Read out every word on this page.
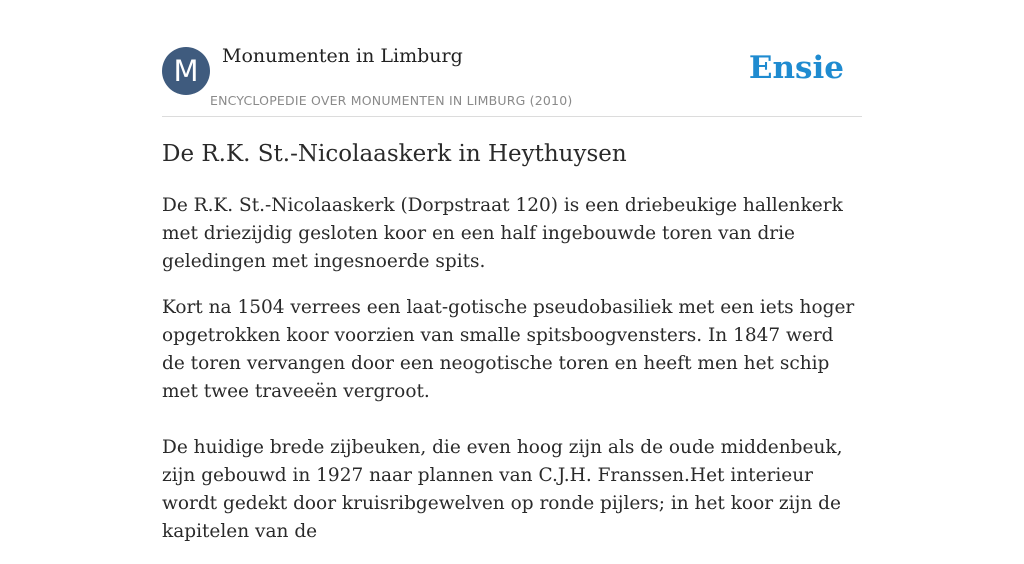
M	Monumenten in Limburg
ENCYCLOPEDIE OVER MONUMENTEN IN LIMBURG (2010)
Ensie
De R.K. St.-Nicolaaskerk in Heythuysen

De R.K. St.-Nicolaaskerk (Dorpstraat 120) is een driebeukige hallenkerk met driezijdig gesloten koor en een half ingebouwde toren van drie geledingen met ingesnoerde spits.

Kort na 1504 verrees een laat-gotische pseudobasiliek met een iets hoger opgetrokken koor voorzien van smalle spitsboogvensters. In 1847 werd de toren vervangen door een neogotische toren en heeft men het schip met twee traveeën vergroot.

De huidige brede zijbeuken, die even hoog zijn als de oude middenbeuk, zijn gebouwd in 1927 naar plannen van C.J.H. Franssen.Het interieur wordt gedekt door kruisribgewelven op ronde pijlers; in het koor zijn de kapitelen van de
